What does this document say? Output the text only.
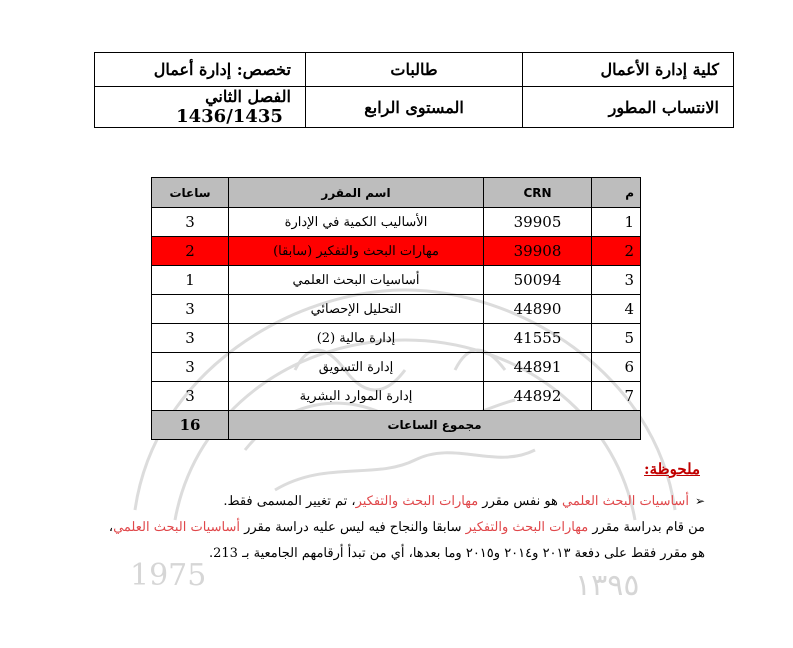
1975	١٣٩٥
كلية إدارة الأعمال	طالبات	تخصص: إدارة أعمال
الانتساب المطور	المستوى الرابع	الفصل الثاني 1436/1435
م	CRN	اسم المقرر	ساعات
1	39905	الأساليب الكمية في الإدارة	3
2	39908	مهارات البحث والتفكير (سابقا)	2
3	50094	أساسيات البحث العلمي	1
4	44890	التحليل الإحصائي	3
5	41555	إدارة مالية (2)	3
6	44891	إدارة التسويق	3
7	44892	إدارة الموارد البشرية	3
مجموع الساعات			16
ملحوظة:
➢أساسيات البحث العلمي هو نفس مقرر مهارات البحث والتفكير، تم تغيير المسمى فقط.
من قام بدراسة مقرر مهارات البحث والتفكير سابقا والنجاح فيه ليس عليه دراسة مقرر أساسيات البحث العلمي،
هو مقرر فقط على دفعة ٢٠١٣ و٢٠١٤ و٢٠١٥ وما بعدها، أي من تبدأ أرقامهم الجامعية بـ 213.
